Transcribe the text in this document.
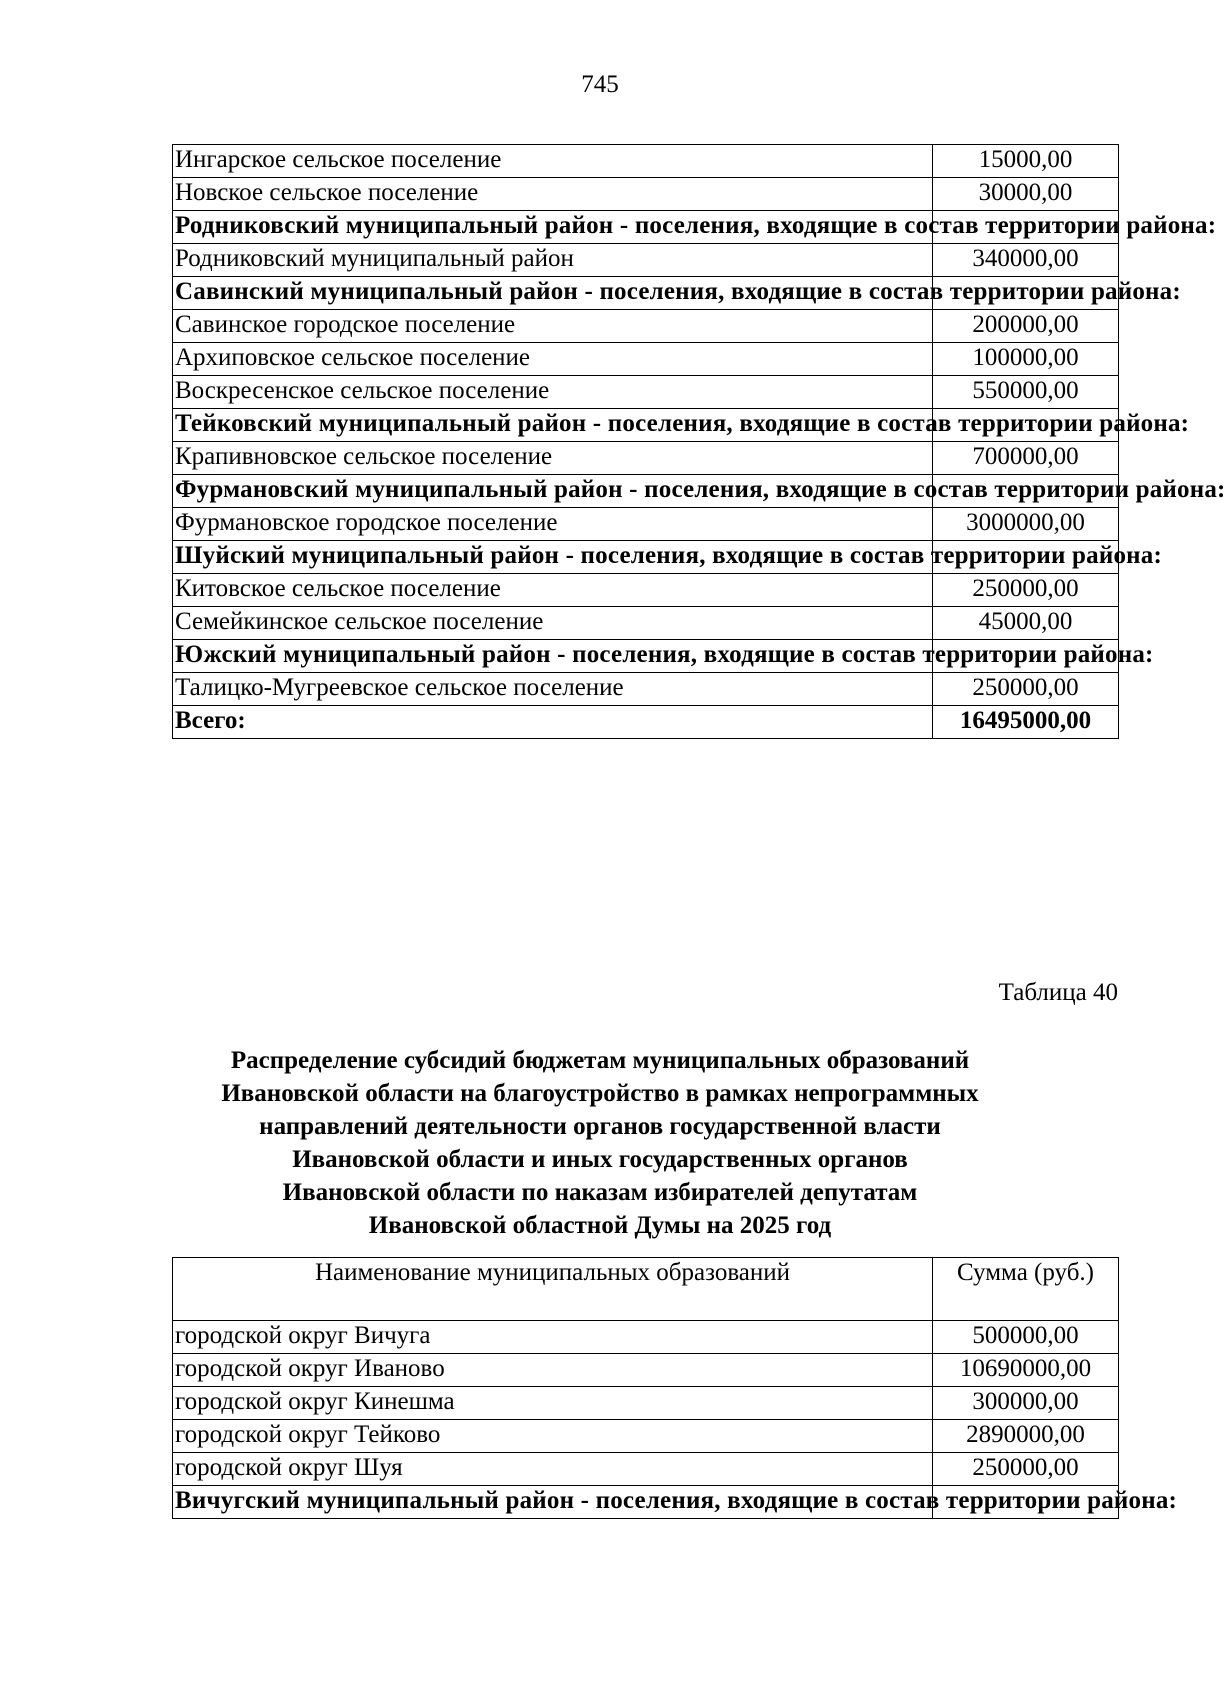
745
Ингарское сельское поселение	15000,00
Новское сельское поселение	30000,00
Родниковский муниципальный район - поселения, входящие в состав территории района:	
Родниковский муниципальный район	340000,00
Савинский муниципальный район - поселения, входящие в состав территории района:	
Савинское городское поселение	200000,00
Архиповское сельское поселение	100000,00
Воскресенское сельское поселение	550000,00
Тейковский муниципальный район - поселения, входящие в состав территории района:	
Крапивновское сельское поселение	700000,00
Фурмановский муниципальный район - поселения, входящие в состав территории района:	
Фурмановское городское поселение	3000000,00
Шуйский муниципальный район - поселения, входящие в состав территории района:	
Китовское сельское поселение	250000,00
Семейкинское сельское поселение	45000,00
Южский муниципальный район - поселения, входящие в состав территории района:	
Талицко-Мугреевское сельское поселение	250000,00
Всего:	16495000,00
Таблица 40
Распределение субсидий бюджетам муниципальных образований
Ивановской области на благоустройство в рамках непрограммных
направлений деятельности органов государственной власти
Ивановской области и иных государственных органов
Ивановской области по наказам избирателей депутатам
Ивановской областной Думы на 2025 год
Наименование муниципальных образований	Сумма (руб.)
городской округ Вичуга	500000,00
городской округ Иваново	10690000,00
городской округ Кинешма	300000,00
городской округ Тейково	2890000,00
городской округ Шуя	250000,00
Вичугский муниципальный район - поселения, входящие в состав территории района:	
